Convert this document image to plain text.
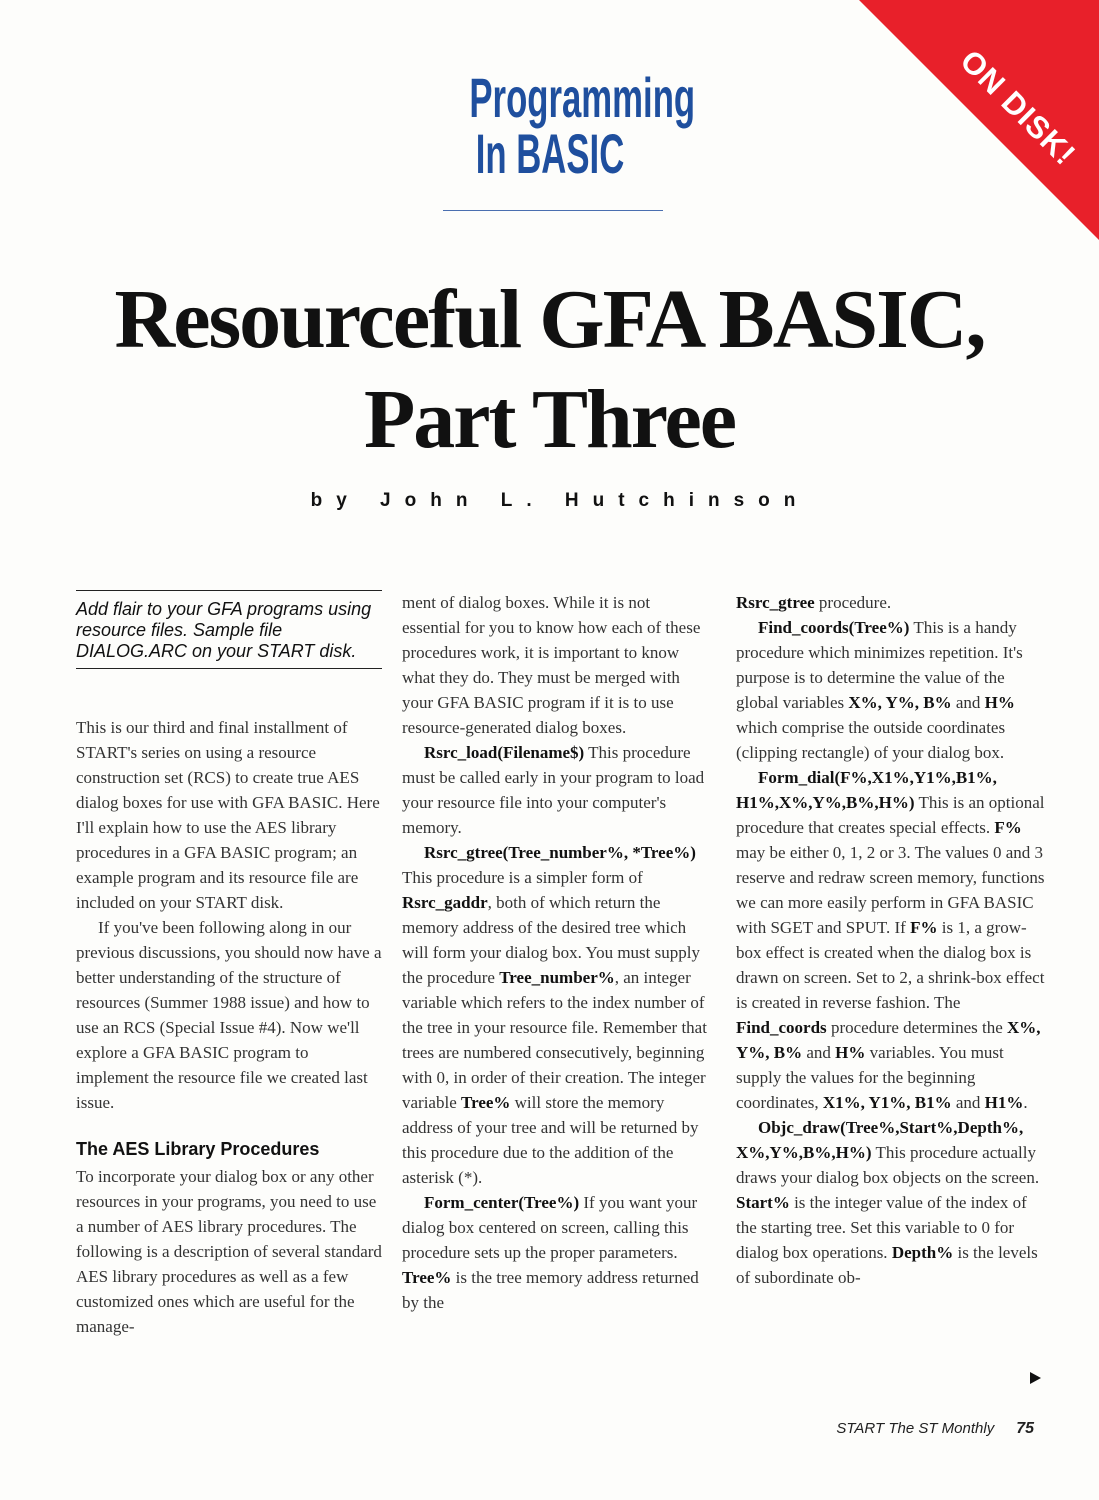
ON DISK!
Programming
In BASIC
Resourceful GFA BASIC,
Part Three
by John L. Hutchinson
Add flair to your GFA programs using resource files. Sample file DIALOG.ARC on your START disk.

This is our third and final installment of START's series on using a resource construction set (RCS) to create true AES dialog boxes for use with GFA BASIC. Here I'll explain how to use the AES library procedures in a GFA BASIC program; an example program and its resource file are included on your START disk.

If you've been following along in our previous discussions, you should now have a better understanding of the structure of resources (Summer 1988 issue) and how to use an RCS (Special Issue #4). Now we'll explore a GFA BASIC program to implement the resource file we created last issue.

The AES Library Procedures

To incorporate your dialog box or any other resources in your programs, you need to use a number of AES library procedures. The following is a description of several standard AES library procedures as well as a few customized ones which are useful for the manage-

ment of dialog boxes. While it is not essential for you to know how each of these procedures work, it is important to know what they do. They must be merged with your GFA BASIC program if it is to use resource-generated dialog boxes.

Rsrc_load(Filename$) This procedure must be called early in your program to load your resource file into your computer's memory.

Rsrc_gtree(Tree_number%, *Tree%) This procedure is a simpler form of Rsrc_gaddr, both of which return the memory address of the desired tree which will form your dialog box. You must supply the procedure Tree_number%, an integer variable which refers to the index number of the tree in your resource file. Remember that trees are numbered consecutively, beginning with 0, in order of their creation. The integer variable Tree% will store the memory address of your tree and will be returned by this procedure due to the addition of the asterisk (*).

Form_center(Tree%) If you want your dialog box centered on screen, calling this procedure sets up the proper parameters. Tree% is the tree memory address returned by the

Rsrc_gtree procedure.

Find_coords(Tree%) This is a handy procedure which minimizes repetition. It's purpose is to determine the value of the global variables X%, Y%, B% and H% which comprise the outside coordinates (clipping rectangle) of your dialog box.

Form_dial(F%,X1%,Y1%,B1%, H1%,X%,Y%,B%,H%) This is an optional procedure that creates special effects. F% may be either 0, 1, 2 or 3. The values 0 and 3 reserve and redraw screen memory, functions we can more easily perform in GFA BASIC with SGET and SPUT. If F% is 1, a grow-box effect is created when the dialog box is drawn on screen. Set to 2, a shrink-box effect is created in reverse fashion. The Find_coords procedure determines the X%, Y%, B% and H% variables. You must supply the values for the beginning coordinates, X1%, Y1%, B1% and H1%.

Objc_draw(Tree%,Start%,Depth%, X%,Y%,B%,H%) This procedure actually draws your dialog box objects on the screen. Start% is the integer value of the index of the starting tree. Set this variable to 0 for dialog box operations. Depth% is the levels of subordinate ob-

START The ST Monthly 75
